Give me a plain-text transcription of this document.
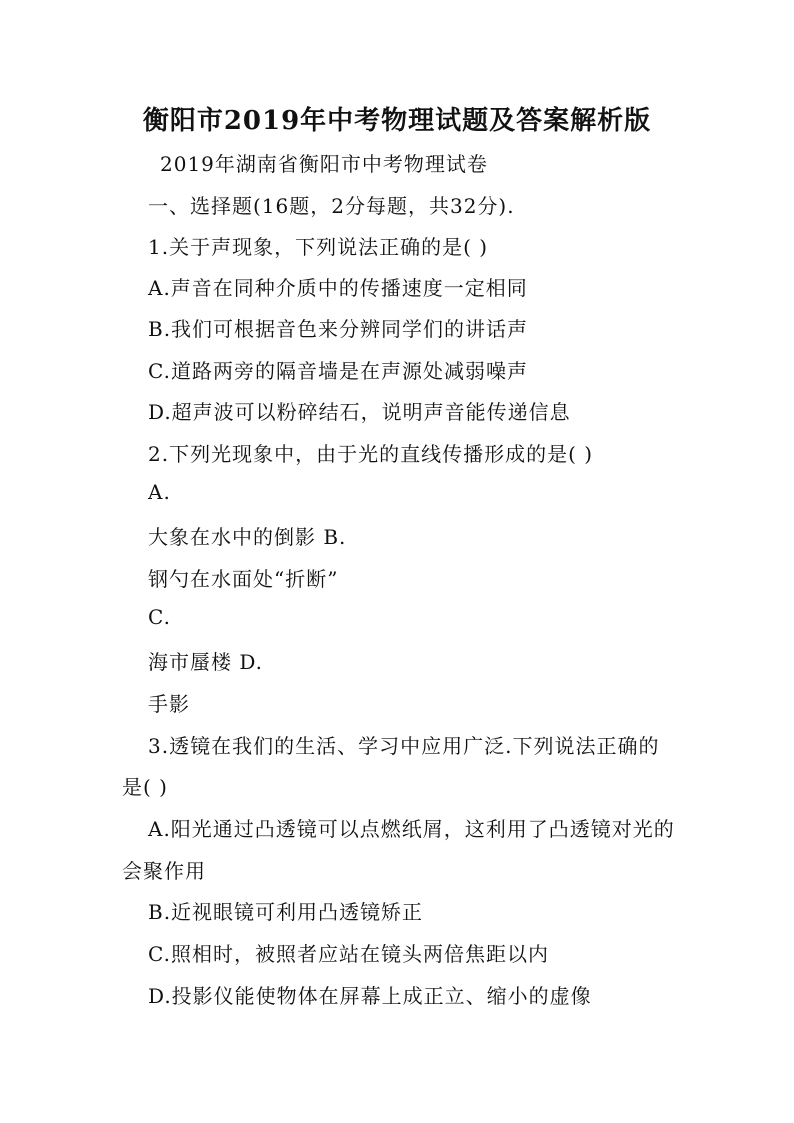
衡阳市2019年中考物理试题及答案解析版
2019年湖南省衡阳市中考物理试卷
一、选择题(16题，2分每题，共32分).
1.关于声现象，下列说法正确的是( )
A.声音在同种介质中的传播速度一定相同
B.我们可根据音色来分辨同学们的讲话声
C.道路两旁的隔音墙是在声源处减弱噪声
D.超声波可以粉碎结石，说明声音能传递信息
2.下列光现象中，由于光的直线传播形成的是( )
A.
大象在水中的倒影 B.
钢勺在水面处“折断”
C.
海市蜃楼 D.
手影
3.透镜在我们的生活、学习中应用广泛.下列说法正确的
是( )
A.阳光通过凸透镜可以点燃纸屑，这利用了凸透镜对光的
会聚作用
B.近视眼镜可利用凸透镜矫正
C.照相时，被照者应站在镜头两倍焦距以内
D.投影仪能使物体在屏幕上成正立、缩小的虚像
